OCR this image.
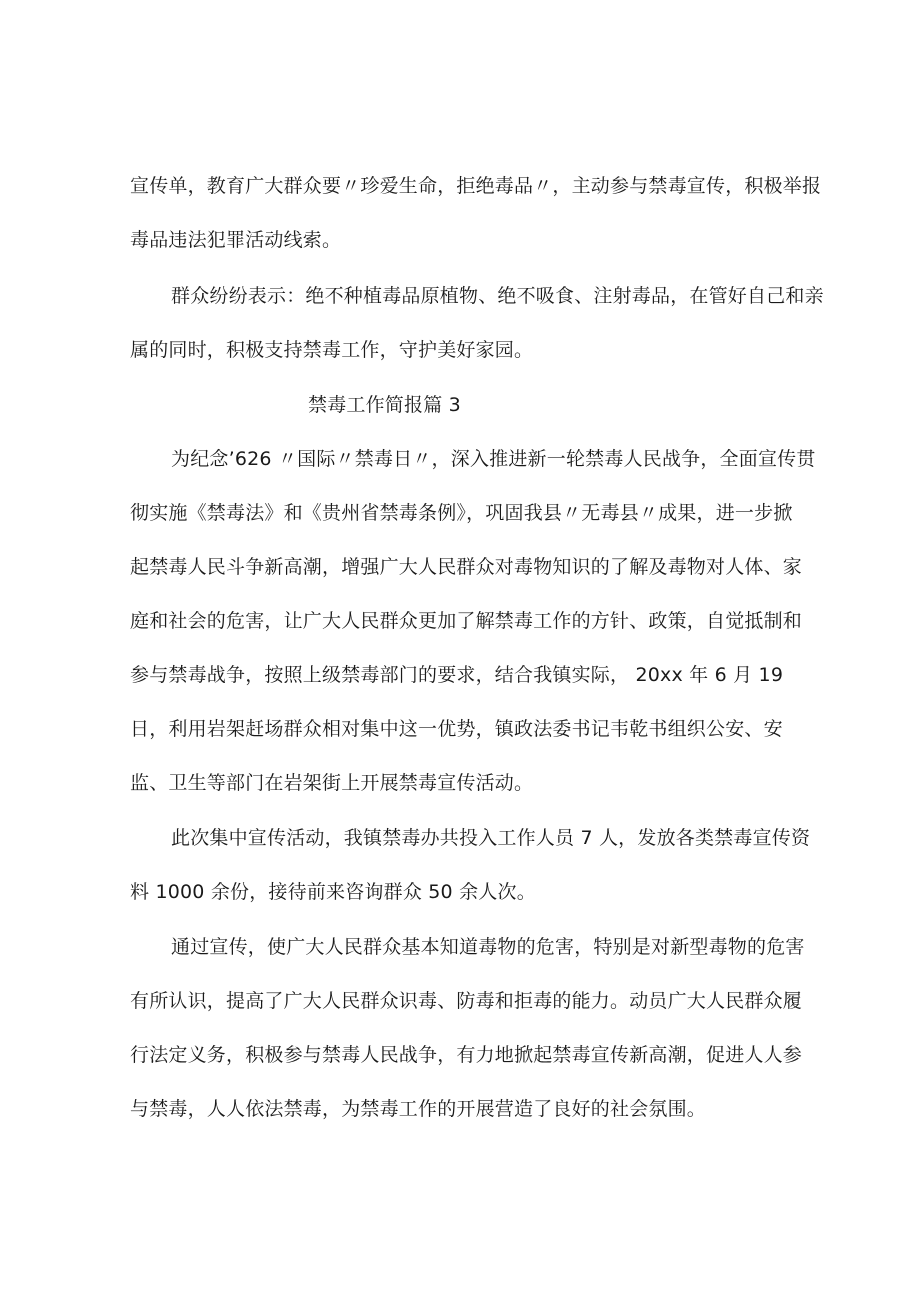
宣传单，教育广大群众要〃珍爱生命，拒绝毒品〃，主动参与禁毒宣传，积极举报

毒品违法犯罪活动线索。

群众纷纷表示：绝不种植毒品原植物、绝不吸食、注射毒品，在管好自己和亲

属的同时，积极支持禁毒工作，守护美好家园。

禁毒工作简报篇 3

为纪念’626 〃国际〃禁毒日〃，深入推进新一轮禁毒人民战争，全面宣传贯

彻实施《禁毒法》和《贵州省禁毒条例》，巩固我县〃无毒县〃成果，进一步掀

起禁毒人民斗争新高潮，增强广大人民群众对毒物知识的了解及毒物对人体、家

庭和社会的危害，让广大人民群众更加了解禁毒工作的方针、政策，自觉抵制和

参与禁毒战争，按照上级禁毒部门的要求，结合我镇实际， 20xx 年 6 月 19

日，利用岩架赶场群众相对集中这一优势，镇政法委书记韦乾书组织公安、安

监、卫生等部门在岩架街上开展禁毒宣传活动。

此次集中宣传活动，我镇禁毒办共投入工作人员 7 人，发放各类禁毒宣传资

料 1000 余份，接待前来咨询群众 50 余人次。

通过宣传，使广大人民群众基本知道毒物的危害，特别是对新型毒物的危害

有所认识，提高了广大人民群众识毒、防毒和拒毒的能力。动员广大人民群众履

行法定义务，积极参与禁毒人民战争，有力地掀起禁毒宣传新高潮，促进人人参

与禁毒，人人依法禁毒，为禁毒工作的开展营造了良好的社会氛围。
